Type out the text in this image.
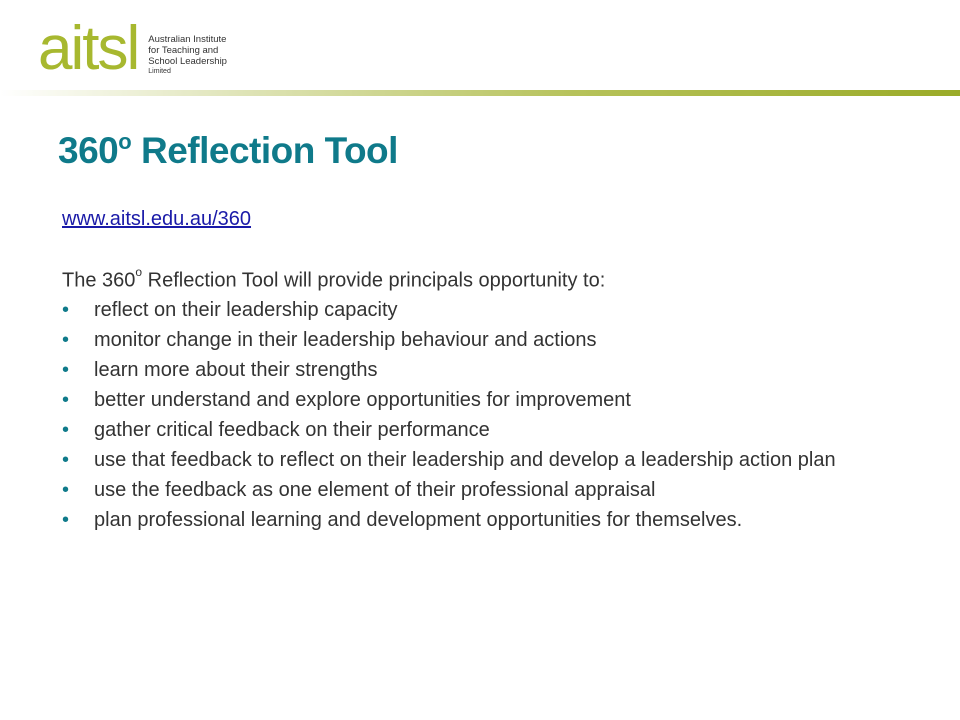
aitsl Australian Institute
for Teaching and
School Leadership
Limited
360$^o$ Reflection Tool
www.aitsl.edu.au/360
The 360$^o$ Reflection Tool will provide principals opportunity to:
• reflect on their leadership capacity
• monitor change in their leadership behaviour and actions
• learn more about their strengths
• better understand and explore opportunities for improvement
• gather critical feedback on their performance
• use that feedback to reflect on their leadership and develop a leadership action plan
• use the feedback as one element of their professional appraisal
• plan professional learning and development opportunities for themselves.
